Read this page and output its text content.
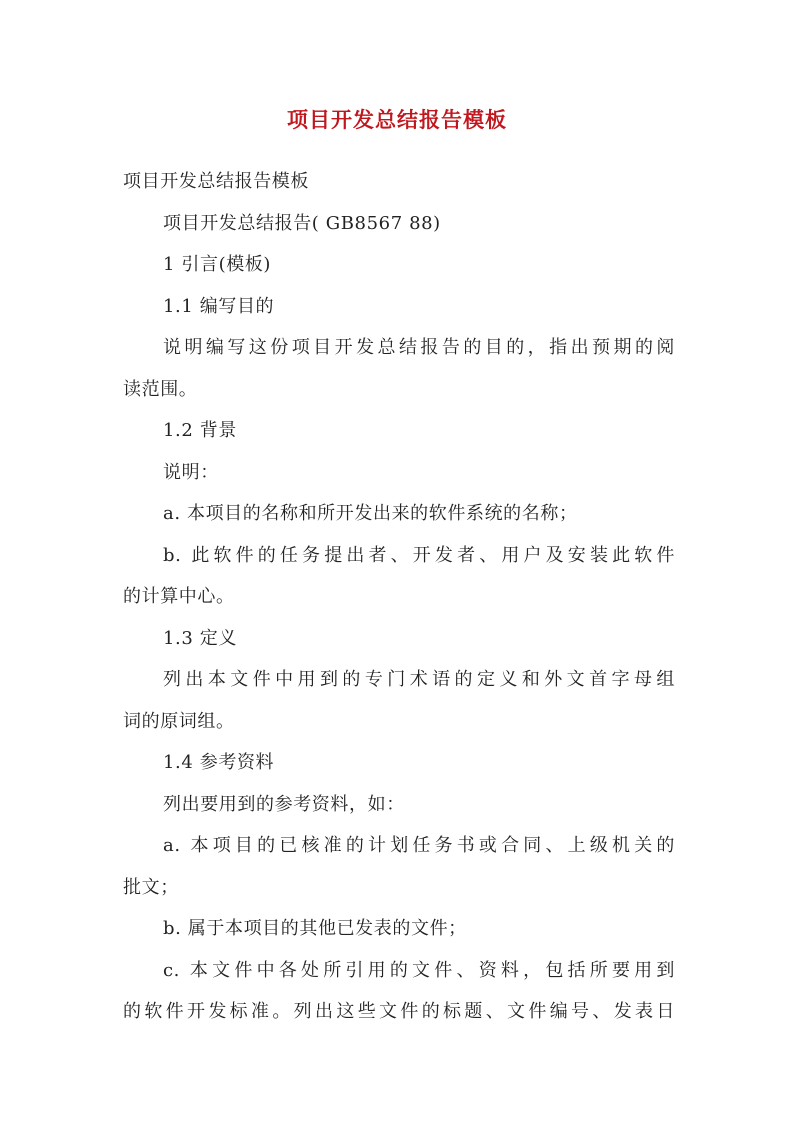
项目开发总结报告模板

项目开发总结报告模板

项目开发总结报告( GB8567 88)

1 引言(模板)

1.1 编写目的

说明编写这份项目开发总结报告的目的，指出预期的阅

读范围。

1.2 背景

说明：

a. 本项目的名称和所开发出来的软件系统的名称；

b. 此软件的任务提出者、开发者、用户及安装此软件

的计算中心。

1.3 定义

列出本文件中用到的专门术语的定义和外文首字母组

词的原词组。

1.4 参考资料

列出要用到的参考资料，如：

a. 本项目的已核准的计划任务书或合同、上级机关的

批文；

b. 属于本项目的其他已发表的文件；

c. 本文件中各处所引用的文件、资料，包括所要用到

的软件开发标准。列出这些文件的标题、文件编号、发表日
